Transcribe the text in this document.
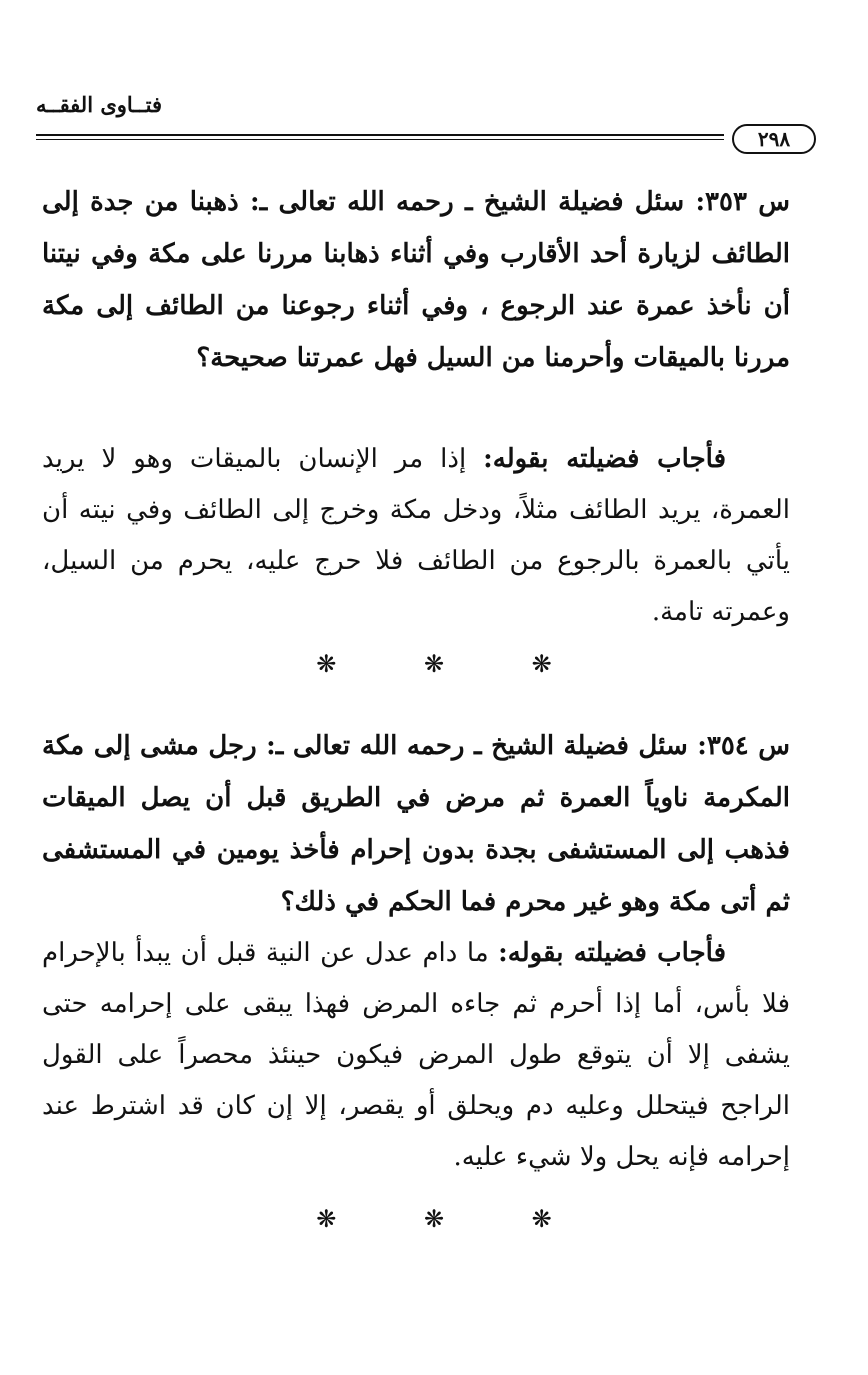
فتــاوى الفقــه
٢٩٨
س ٣٥٣: سئل فضيلة الشيخ ـ رحمه الله تعالى ـ: ذهبنا من جدة إلى الطائف لزيارة أحد الأقارب وفي أثناء ذهابنا مررنا على مكة وفي نيتنا أن نأخذ عمرة عند الرجوع ، وفي أثناء رجوعنا من الطائف إلى مكة مررنا بالميقات وأحرمنا من السيل فهل عمرتنا صحيحة؟
فأجاب فضيلته بقوله: إذا مر الإنسان بالميقات وهو لا يريد العمرة، يريد الطائف مثلاً، ودخل مكة وخرج إلى الطائف وفي نيته أن يأتي بالعمرة بالرجوع من الطائف فلا حرج عليه، يحرم من السيل، وعمرته تامة.
❋ ❋ ❋
س ٣٥٤: سئل فضيلة الشيخ ـ رحمه الله تعالى ـ: رجل مشى إلى مكة المكرمة ناوياً العمرة ثم مرض في الطريق قبل أن يصل الميقات فذهب إلى المستشفى بجدة بدون إحرام فأخذ يومين في المستشفى ثم أتى مكة وهو غير محرم فما الحكم في ذلك؟
فأجاب فضيلته بقوله: ما دام عدل عن النية قبل أن يبدأ بالإحرام فلا بأس، أما إذا أحرم ثم جاءه المرض فهذا يبقى على إحرامه حتى يشفى إلا أن يتوقع طول المرض فيكون حينئذ محصراً على القول الراجح فيتحلل وعليه دم ويحلق أو يقصر، إلا إن كان قد اشترط عند إحرامه فإنه يحل ولا شيء عليه.
❋ ❋ ❋
